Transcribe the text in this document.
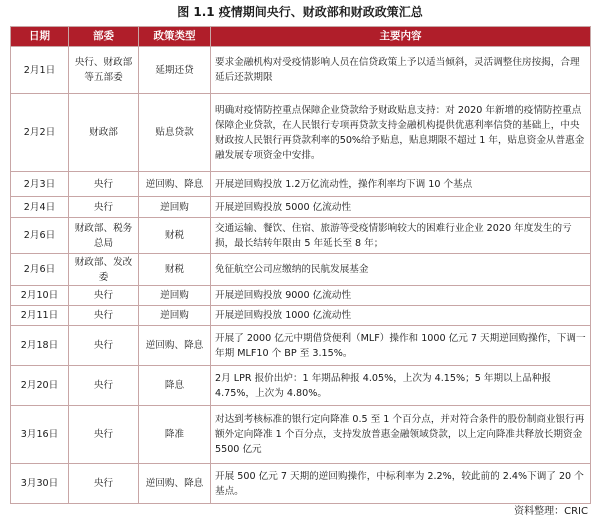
图 1.1 疫情期间央行、财政部和财政政策汇总
日期	部委	政策类型	主要内容
2月1日	央行、财政部等五部委	延期还贷	要求金融机构对受疫情影响人员在信贷政策上予以适当倾斜，灵活调整住房按揭，合理延后还款期限
2月2日	财政部	贴息贷款	明确对疫情防控重点保障企业贷款给予财政贴息支持：对 2020 年新增的疫情防控重点保障企业贷款，在人民银行专项再贷款支持金融机构提供优惠利率信贷的基础上，中央财政按人民银行再贷款利率的50%给予贴息，贴息期限不超过 1 年，贴息资金从普惠金融发展专项资金中安排。
2月3日	央行	逆回购、降息	开展逆回购投放 1.2万亿流动性，操作利率均下调 10 个基点
2月4日	央行	逆回购	开展逆回购投放 5000 亿流动性
2月6日	财政部、税务总局	财税	交通运输、餐饮、住宿、旅游等受疫情影响较大的困难行业企业 2020 年度发生的亏损，最长结转年限由 5 年延长至 8 年；
2月6日	财政部、发改委	财税	免征航空公司应缴纳的民航发展基金
2月10日	央行	逆回购	开展逆回购投放 9000 亿流动性
2月11日	央行	逆回购	开展逆回购投放 1000 亿流动性
2月18日	央行	逆回购、降息	开展了 2000 亿元中期借贷便利（MLF）操作和 1000 亿元 7 天期逆回购操作，下调一年期 MLF10 个 BP 至 3.15%。
2月20日	央行	降息	2月 LPR 报价出炉：1 年期品种报 4.05%，上次为 4.15%；5 年期以上品种报 4.75%，上次为 4.80%。
3月16日	央行	降准	对达到考核标准的银行定向降准 0.5 至 1 个百分点，并对符合条件的股份制商业银行再额外定向降准 1 个百分点，支持发放普惠金融领域贷款，以上定向降准共释放长期资金 5500 亿元
3月30日	央行	逆回购、降息	开展 500 亿元 7 天期的逆回购操作，中标利率为 2.2%，较此前的 2.4%下调了 20 个基点。
资料整理：CRIC
